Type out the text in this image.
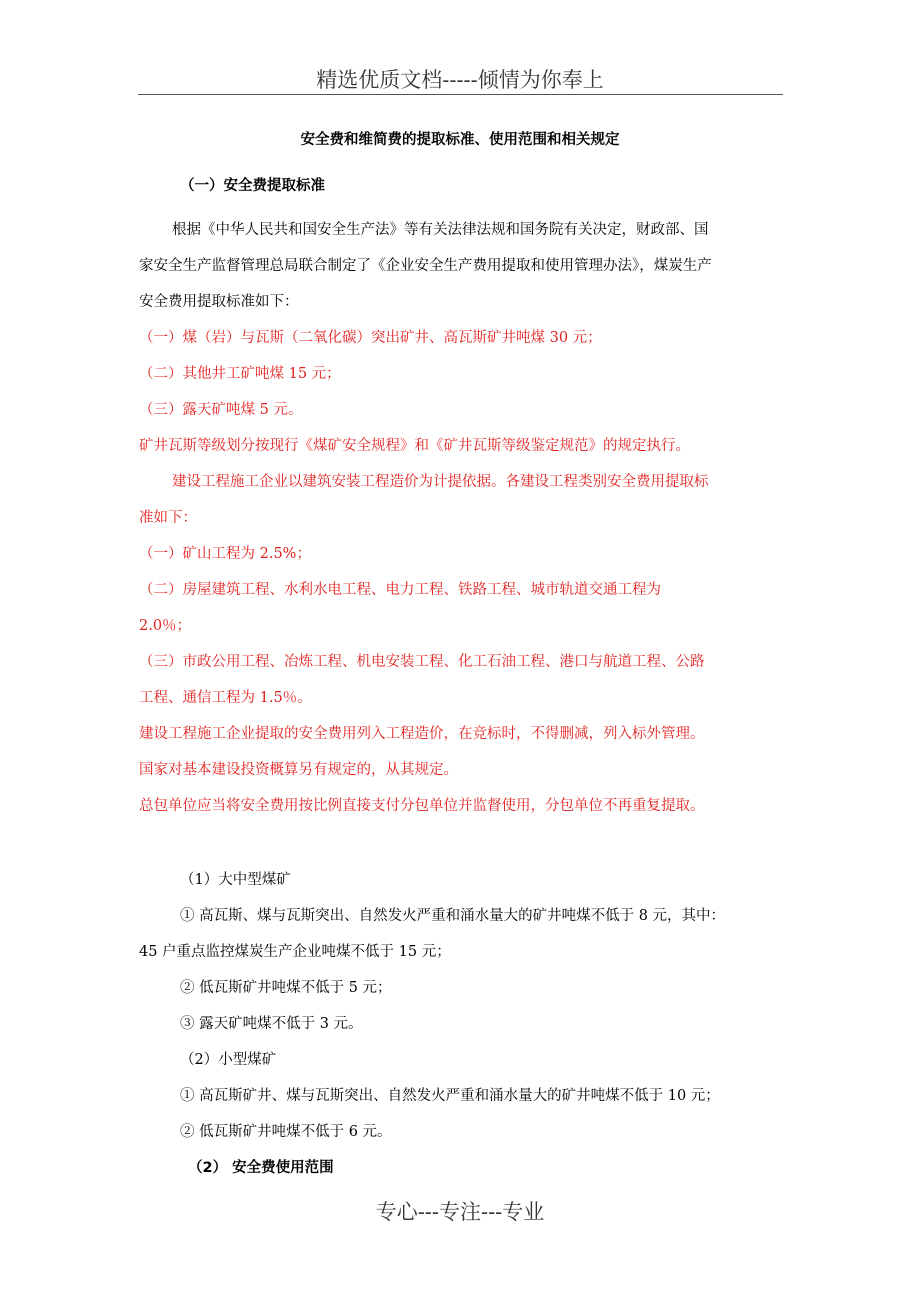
精选优质文档-----倾情为你奉上
安全费和维简费的提取标准、使用范围和相关规定
（一）安全费提取标准
根据《中华人民共和国安全生产法》等有关法律法规和国务院有关决定，财政部、国
家安全生产监督管理总局联合制定了《企业安全生产费用提取和使用管理办法》，煤炭生产
安全费用提取标准如下：
（一）煤（岩）与瓦斯（二氧化碳）突出矿井、高瓦斯矿井吨煤 30 元；
（二）其他井工矿吨煤 15 元；
（三）露天矿吨煤 5 元。
矿井瓦斯等级划分按现行《煤矿安全规程》和《矿井瓦斯等级鉴定规范》的规定执行。
建设工程施工企业以建筑安装工程造价为计提依据。各建设工程类别安全费用提取标
准如下：
（一）矿山工程为 2.5%；
（二）房屋建筑工程、水利水电工程、电力工程、铁路工程、城市轨道交通工程为
2.0％；
（三）市政公用工程、冶炼工程、机电安装工程、化工石油工程、港口与航道工程、公路
工程、通信工程为 1.5％。
建设工程施工企业提取的安全费用列入工程造价，在竞标时，不得删减，列入标外管理。
国家对基本建设投资概算另有规定的，从其规定。
总包单位应当将安全费用按比例直接支付分包单位并监督使用，分包单位不再重复提取。
（1）大中型煤矿
① 高瓦斯、煤与瓦斯突出、自然发火严重和涌水量大的矿井吨煤不低于 8 元，其中：
45 户重点监控煤炭生产企业吨煤不低于 15 元；
② 低瓦斯矿井吨煤不低于 5 元；
③ 露天矿吨煤不低于 3 元。
（2）小型煤矿
① 高瓦斯矿井、煤与瓦斯突出、自然发火严重和涌水量大的矿井吨煤不低于 10 元；
② 低瓦斯矿井吨煤不低于 6 元。
（2） 安全费使用范围
专心---专注---专业
